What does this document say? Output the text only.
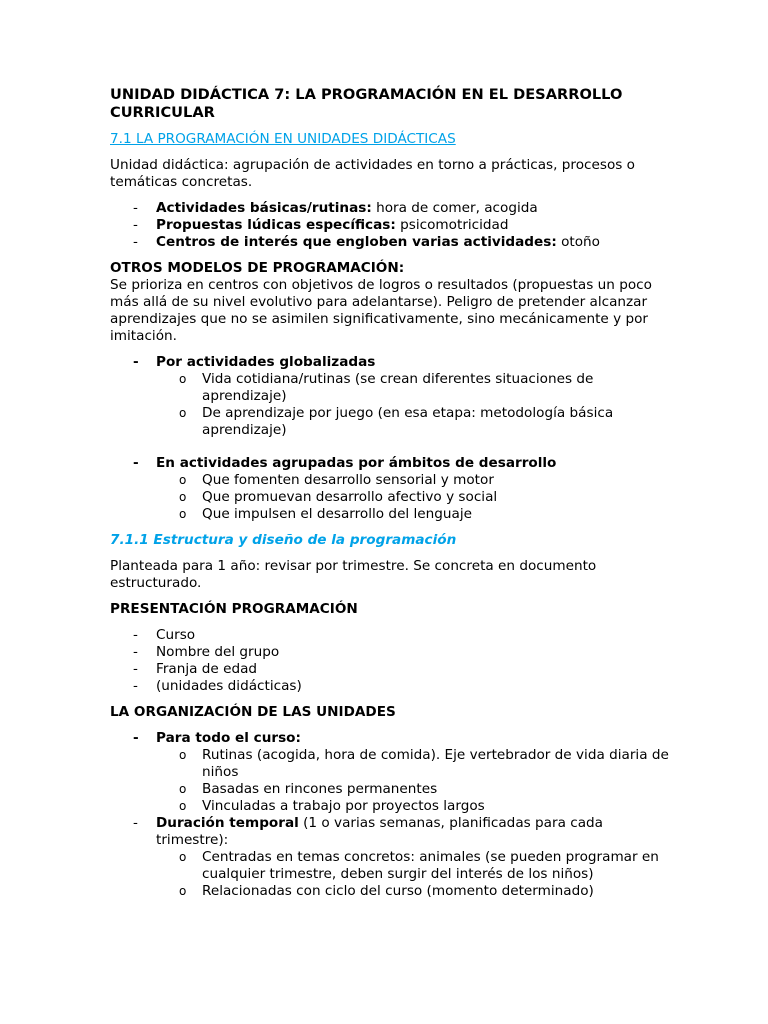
UNIDAD DIDÁCTICA 7: LA PROGRAMACIÓN EN EL DESARROLLO
CURRICULAR

7.1 LA PROGRAMACIÓN EN UNIDADES DIDÁCTICAS

Unidad didáctica: agrupación de actividades en torno a prácticas, procesos o temáticas concretas.

- Actividades básicas/rutinas: hora de comer, acogida
- Propuestas lúdicas específicas: psicomotricidad
- Centros de interés que engloben varias actividades: otoño

OTROS MODELOS DE PROGRAMACIÓN:

Se prioriza en centros con objetivos de logros o resultados (propuestas un poco más allá de su nivel evolutivo para adelantarse). Peligro de pretender alcanzar aprendizajes que no se asimilen significativamente, sino mecánicamente y por imitación.

- Por actividades globalizadas
o Vida cotidiana/rutinas (se crean diferentes situaciones de aprendizaje)
o De aprendizaje por juego (en esa etapa: metodología básica aprendizaje)
- En actividades agrupadas por ámbitos de desarrollo
o Que fomenten desarrollo sensorial y motor
o Que promuevan desarrollo afectivo y social
o Que impulsen el desarrollo del lenguaje

7.1.1 Estructura y diseño de la programación

Planteada para 1 año: revisar por trimestre. Se concreta en documento estructurado.

PRESENTACIÓN PROGRAMACIÓN

- Curso
- Nombre del grupo
- Franja de edad
- (unidades didácticas)

LA ORGANIZACIÓN DE LAS UNIDADES

- Para todo el curso:
o Rutinas (acogida, hora de comida). Eje vertebrador de vida diaria de niños
o Basadas en rincones permanentes
o Vinculadas a trabajo por proyectos largos
- Duración temporal (1 o varias semanas, planificadas para cada trimestre):
o Centradas en temas concretos: animales (se pueden programar en cualquier trimestre, deben surgir del interés de los niños)
o Relacionadas con ciclo del curso (momento determinado)
